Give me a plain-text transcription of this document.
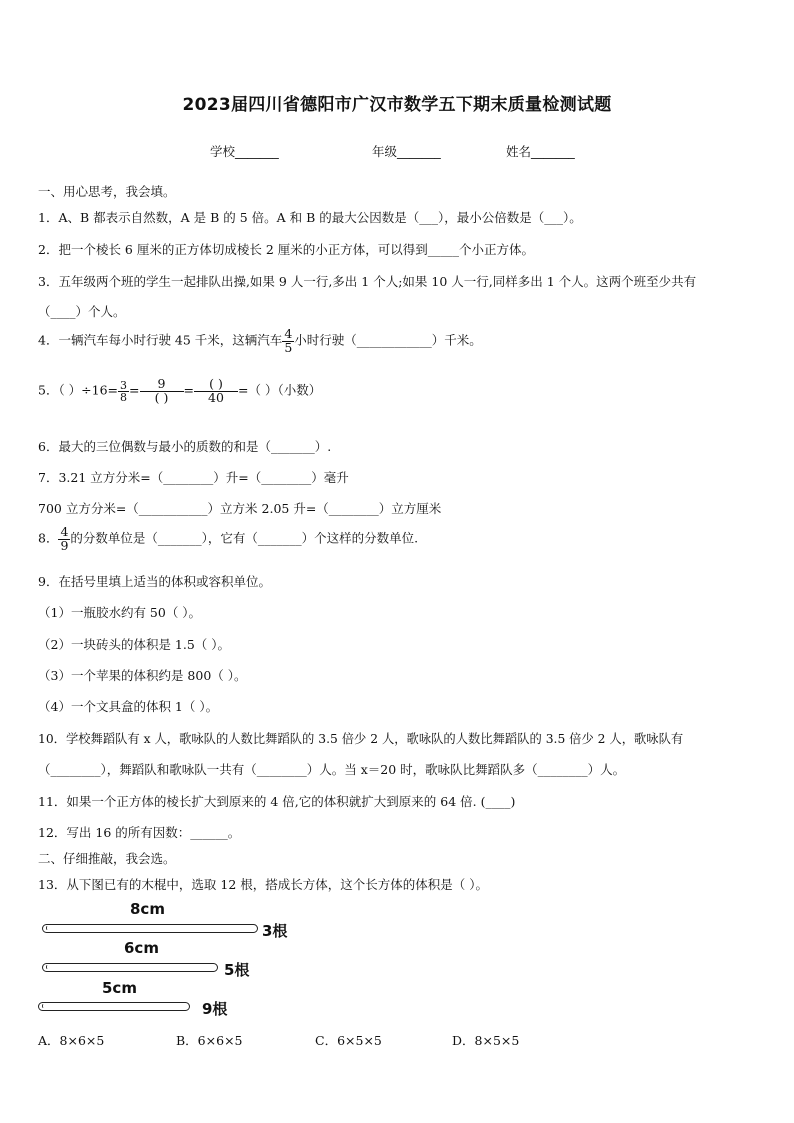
2023届四川省德阳市广汉市数学五下期末质量检测试题
学校_______	年级_______	姓名_______
一、用心思考，我会填。
1．A、B 都表示自然数，A 是 B 的 5 倍。A 和 B 的最大公因数是（___），最小公倍数是（___）。
2．把一个棱长 6 厘米的正方体切成棱长 2 厘米的小正方体，可以得到_____个小正方体。
3．五年级两个班的学生一起排队出操,如果 9 人一行,多出 1 个人;如果 10 人一行,同样多出 1 个人。这两个班至少共有
（____）个人。
4．一辆汽车每小时行驶 45 千米，这辆汽车 $\frac{4}{5}$ 小时行驶（____________）千米。
5．（ ）$\div 16= \frac{3}{8} = \frac{9}{( )} = \frac{( )}{40}$ =（ ）（小数）
6．最大的三位偶数与最小的质数的和是（_______）.
7．3.21 立方分米=（________）升=（________）毫升
700 立方分米=（___________）立方米 2.05 升=（________）立方厘米
8． $\frac{4}{9}$ 的分数单位是（_______），它有（_______）个这样的分数单位.
9．在括号里填上适当的体积或容积单位。
（1）一瓶胶水约有 50（ ）。
（2）一块砖头的体积是 1.5（ ）。
（3）一个苹果的体积约是 800（ ）。
（4）一个文具盒的体积 1（ ）。
10．学校舞蹈队有 x 人，歌咏队的人数比舞蹈队的 3.5 倍少 2 人，歌咏队的人数比舞蹈队的 3.5 倍少 2 人，歌咏队有
（________），舞蹈队和歌咏队一共有（________）人。当 x＝20 时，歌咏队比舞蹈队多（________）人。
11．如果一个正方体的棱长扩大到原来的 4 倍,它的体积就扩大到原来的 64 倍. (____)
12．写出 16 的所有因数：______。
二、仔细推敲，我会选。
13．从下图已有的木棍中，选取 12 根，搭成长方体，这个长方体的体积是（ ）。
8cm
3根
6cm
5根
5cm
9根
A．8×6×5	B．6×6×5	C．6×5×5	D．8×5×5
